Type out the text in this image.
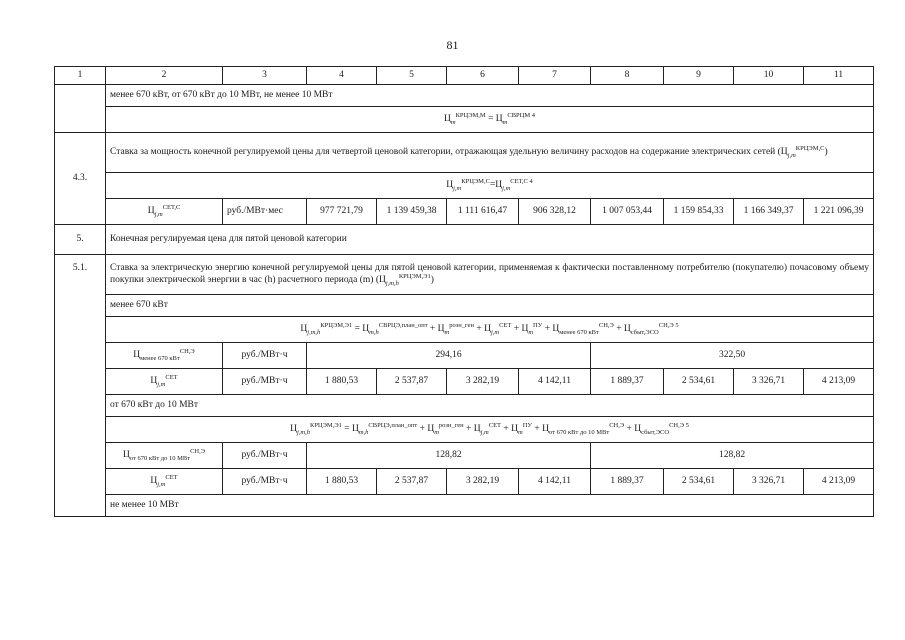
81
1	2	3	4	5	6	7	8	9	10	11
	менее 670 кВт, от 670 кВт до 10 МВт, не менее 10 МВт									
	$Ц_m^{КРЦЭМ,М} = Ц_m^{СВРЦМ 4}$
4.3.	Ставка за мощность конечной регулируемой цены для четвертой ценовой категории, отражающая удельную величину расходов на содержание электрических сетей $(Ц_{j,m}^{КРЦЭМ,С})$									
	$Ц_{j,m}^{КРЦЭМ,С}=Ц_{j,m}^{СЕТ,С 4}$
	$Ц_{j,m}^{СЕТ,С}$	руб./МВт·мес	977 721,79	1 139 459,38	1 111 616,47	906 328,12	1 007 053,44	1 159 854,33	1 166 349,37	1 221 096,39
5.	Конечная регулируемая цена для пятой ценовой категории									
5.1.	Ставка за электрическую энергию конечной регулируемой цены для пятой ценовой категории, применяемая к фактически поставленному потребителю (покупателю) почасовому объему покупки электрической энергии в час (h) расчетного периода (m) $(Ц_{j,m,h}^{КРЦЭМ,Э1})$									
	менее 670 кВт									
	$Ц_{j,m,h}^{КРЦЭМ,Э1} = Ц_{m,h}^{СВРЦЭ,план\_опт} + Ц_m^{розн\_ген} + Ц_{j,m}^{СЕТ} + Ц_m^{ПУ} + Ц_{менее 670 кВт}^{СН,Э} + Ц_{сбыт,ЭСО}^{СН,Э}$ $^5$
	$Ц_{менее 670 кВт}^{СН,Э}$	руб./МВт·ч	294,16				322,50			
	$Ц_{j,m}^{СЕТ}$	руб./МВт·ч	1 880,53	2 537,87	3 282,19	4 142,11	1 889,37	2 534,61	3 326,71	4 213,09
	от 670 кВт до 10 МВт									
	$Ц_{j,m,h}^{КРЦЭМ,Э1} = Ц_{m,h}^{СВРЦЭ,план\_опт} + Ц_m^{розн\_ген} + Ц_{j,m}^{СЕТ} + Ц_m^{ПУ} + Ц_{от 670 кВт до 10 МВт}^{СН,Э} + Ц_{сбыт,ЭСО}^{СН,Э}$ $^5$
	$Ц_{от 670 кВт до 10 МВт}^{СН,Э}$	руб./МВт·ч	128,82				128,82			
	$Ц_{j,m}^{СЕТ}$	руб./МВт·ч	1 880,53	2 537,87	3 282,19	4 142,11	1 889,37	2 534,61	3 326,71	4 213,09
	не менее 10 МВт									
